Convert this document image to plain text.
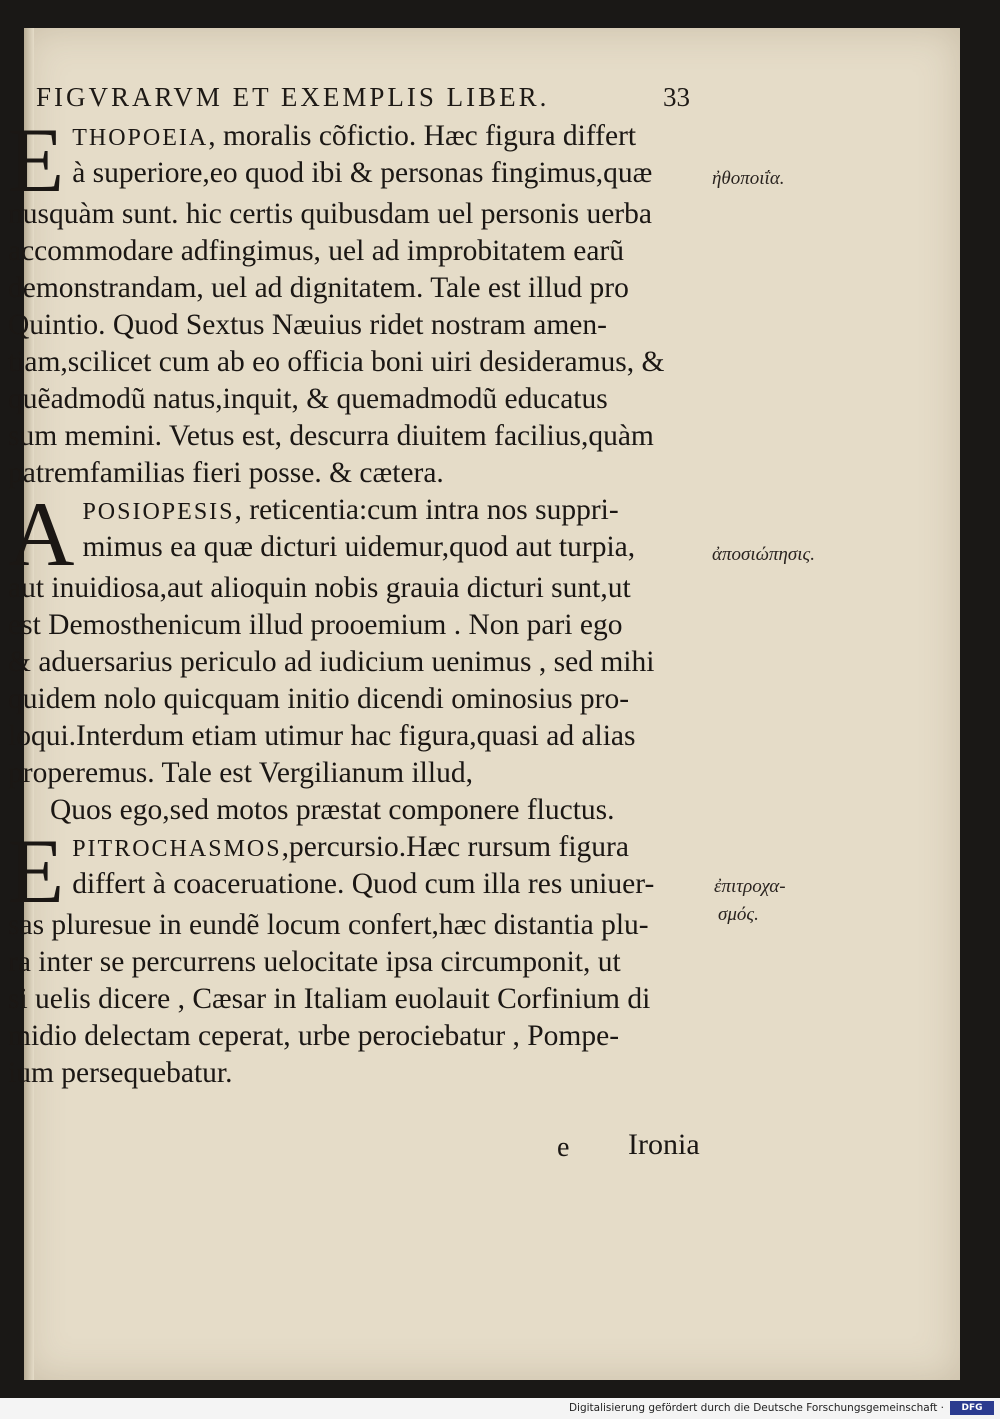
FIGVRARVM ET EXEMPLIS LIBER.	33
E THOPOEIA, moralis cõfictio. Hæc figura differt
à superiore,eo quod ibi & personas fingimus,quæ
nusquàm sunt. hic certis quibusdam uel personis uerba
accommodare adfingimus, uel ad improbitatem earũ
demonstrandam, uel ad dignitatem. Tale est illud pro
Quintio. Quod Sextus Næuius ridet nostram amen-
tiam,scilicet cum ab eo officia boni uiri desideramus, &
quẽadmodũ natus,inquit, & quemadmodũ educatus
sum memini. Vetus est, descurra diuitem facilius,quàm
patremfamilias fieri posse. & cætera.
A POSIOPESIS, reticentia:cum intra nos suppri-
mimus ea quæ dicturi uidemur,quod aut turpia,
aut inuidiosa,aut alioquin nobis grauia dicturi sunt,ut
est Demosthenicum illud prooemium . Non pari ego
& aduersarius periculo ad iudicium uenimus , sed mihi
quidem nolo quicquam initio dicendi ominosius pro-
loqui.Interdum etiam utimur hac figura,quasi ad alias
properemus. Tale est Vergilianum illud,
Quos ego,sed motos præstat componere fluctus.
E PITROCHASMOS,percursio.Hæc rursum figura
differt à coaceruatione. Quod cum illa res uniuer-
sas pluresue in eundẽ locum confert,hæc distantia plu-
ra inter se percurrens uelocitate ipsa circumponit, ut
si uelis dicere , Cæsar in Italiam euolauit Corfinium di
midio delectam ceperat, urbe perociebatur , Pompe-
ium persequebatur.
ἠθοποιΐα.
ἀποσιώπησις.
ἐπιτροχα-
σμός.
e Ironia
Digitalisierung gefördert durch die Deutsche Forschungsgemeinschaft ·	DFG
